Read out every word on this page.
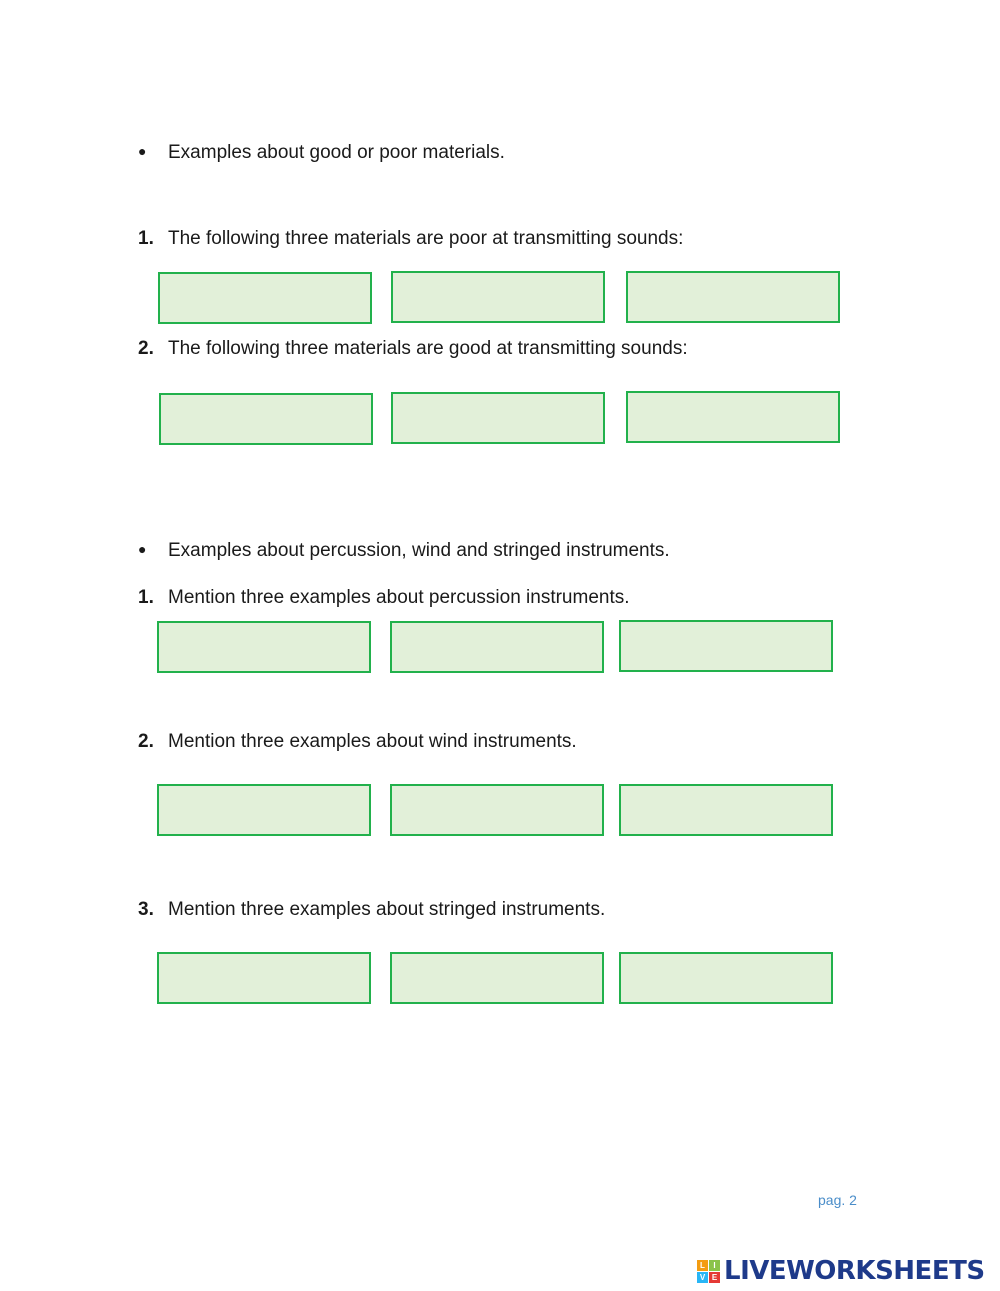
● Examples about good or poor materials.
1. The following three materials are poor at transmitting sounds:
2. The following three materials are good at transmitting sounds:
● Examples about percussion, wind and stringed instruments.
1. Mention three examples about percussion instruments.
2. Mention three examples about wind instruments.
3. Mention three examples about stringed instruments.
pag. 2
L	I
V E LIVEWORKSHEETS
